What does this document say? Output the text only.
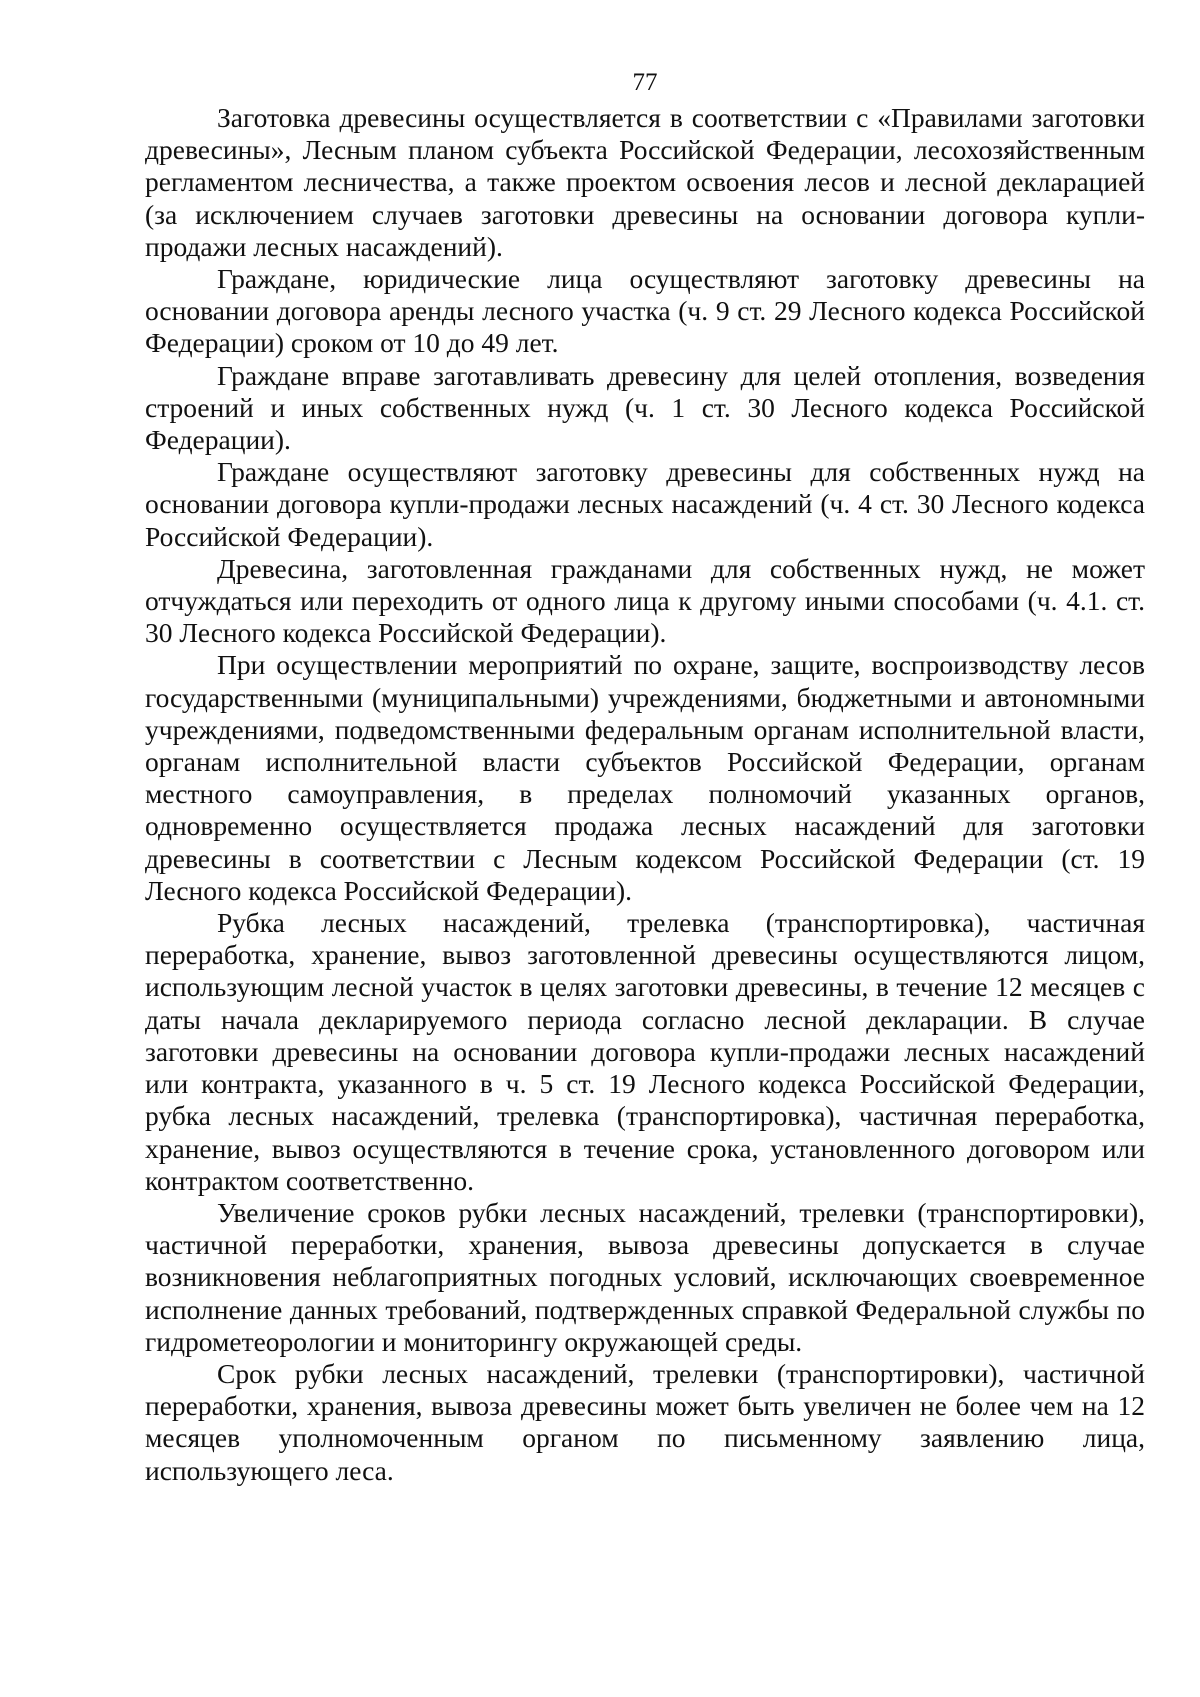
77

Заготовка древесины осуществляется в соответствии с «Правилами заготовки древесины», Лесным планом субъекта Российской Федерации, лесохозяйственным регламентом лесничества, а также проектом освоения лесов и лесной декларацией (за исключением случаев заготовки древесины на основании договора купли-продажи лесных насаждений).

Граждане, юридические лица осуществляют заготовку древесины на основании договора аренды лесного участка (ч. 9 ст. 29 Лесного кодекса Российской Федерации) сроком от 10 до 49 лет.

Граждане вправе заготавливать древесину для целей отопления, возведения строений и иных собственных нужд (ч. 1 ст. 30 Лесного кодекса Российской Федерации).

Граждане осуществляют заготовку древесины для собственных нужд на основании договора купли-продажи лесных насаждений (ч. 4 ст. 30 Лесного кодекса Российской Федерации).

Древесина, заготовленная гражданами для собственных нужд, не может отчуждаться или переходить от одного лица к другому иными способами (ч. 4.1. ст. 30 Лесного кодекса Российской Федерации).

При осуществлении мероприятий по охране, защите, воспроизводству лесов государственными (муниципальными) учреждениями, бюджетными и автономными учреждениями, подведомственными федеральным органам исполнительной власти, органам исполнительной власти субъектов Российской Федерации, органам местного самоуправления, в пределах полномочий указанных органов, одновременно осуществляется продажа лесных насаждений для заготовки древесины в соответствии с Лесным кодексом Российской Федерации (ст. 19 Лесного кодекса Российской Федерации).

Рубка лесных насаждений, трелевка (транспортировка), частичная переработка, хранение, вывоз заготовленной древесины осуществляются лицом, использующим лесной участок в целях заготовки древесины, в течение 12 месяцев с даты начала декларируемого периода согласно лесной декларации. В случае заготовки древесины на основании договора купли-продажи лесных насаждений или контракта, указанного в ч. 5 ст. 19 Лесного кодекса Российской Федерации, рубка лесных насаждений, трелевка (транспортировка), частичная переработка, хранение, вывоз осуществляются в течение срока, установленного договором или контрактом соответственно.

Увеличение сроков рубки лесных насаждений, трелевки (транспортировки), частичной переработки, хранения, вывоза древесины допускается в случае возникновения неблагоприятных погодных условий, исключающих своевременное исполнение данных требований, подтвержденных справкой Федеральной службы по гидрометеорологии и мониторингу окружающей среды.

Срок рубки лесных насаждений, трелевки (транспортировки), частичной переработки, хранения, вывоза древесины может быть увеличен не более чем на 12 месяцев уполномоченным органом по письменному заявлению лица, использующего леса.
